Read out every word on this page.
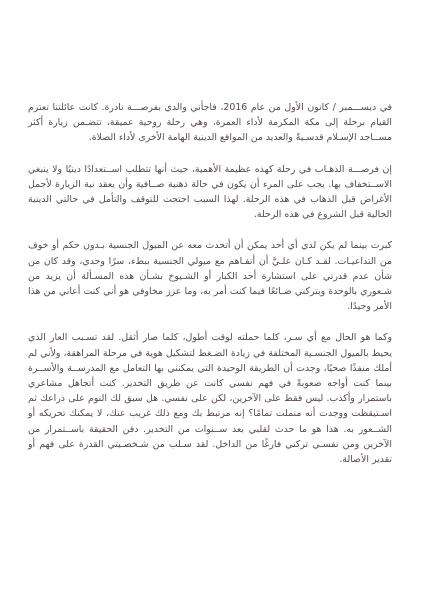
في ديســـمبر / كانون الأول من عام 2016، فاجأني والدي بفرصـــة نادرة. كانت عائلتنا تعتزم القيام برحلة إلى مكة المكرمة لأداء العمرة، وهي رحلة روحية عميقة، تتضـمن زيارة أكثر مســاجد الإسـلام قدسـيةً والعديد من المواقع الدينية الهامة الأخرى لأداء الصلاة.

إن فرصـــة الذهـاب في رحلة كهذه عظيمة الأهمية، حيث أنها تتطلب اســتعدادًا دينيًا ولا ينبغي الاســتخفاف بها. يجب على المرء أن يكون في حالة ذهنية صــافية وأن يعقد نية الزيارة لأجمل الأغراض قبل الذهاب في هذه الرحلة. لهذا السبب احتجت للتوقف والتأمل في حالتي الدينية الحالية قبل الشروع في هذه الرحلة.

كبرت بينما لم يكن لدي أي أحد يمكن أن أتحدث معه عن الميول الجنسية بـدون حكم أو خوف من التداعيـات. لقـد كـان علـيَّ أن أتفـاهم مع ميولي الجنسية ببطء، سرًا وحدي، وقد كان من شأن عدم قدرتي على استشارة أحد الكبار أو الشـيوخ بشـأن هذه المسـألة أن يزيد من شـعوري بالوحدة ويتركني ضـائعًا فيما كنت أمر به، وما عزز مخاوفي هو أني كنت أعاني من هذا الأمر وحيدًا.

وكما هو الحال مع أي سـر، كلما حملته لوقت أطول، كلما صار أثقل. لقد تسـبب العار الذي يحيط بالميول الجنسـية المختلفة في زيادة الضـغط لتشكيل هوية في مرحلة المراهقة، ولأني لم أملك منفذًا صحيًا، وجدت أن الطريقة الوحيدة التي يمكنني بها التعامل مع المدرســة والأســرة بينما كنت أواجه صعوبةً في فهم نفسي كانت عن طريق التخدير. كنت أتجاهل مشاعري باستمرار وأكذب. ليس فقط على الآخرين، لكن على نفسي. هل سبق لك النوم على ذراعك ثم اسـتيقظت ووجدت أنه منملت تمامًا؟ إنه مرتبط بك ومع ذلك غريب عنك، لا يمكنك تحريكه أو الشــعور به. هذا هو ما حدث لقلبي بعد ســنوات من التخدير. دفن الحقيقة باســتمرار من الآخرين ومن نفسـي تركني فارغًا من الداخل. لقد سـلب من شـخصـيتي القدرة على فهم أو تقدير الأصالة.
